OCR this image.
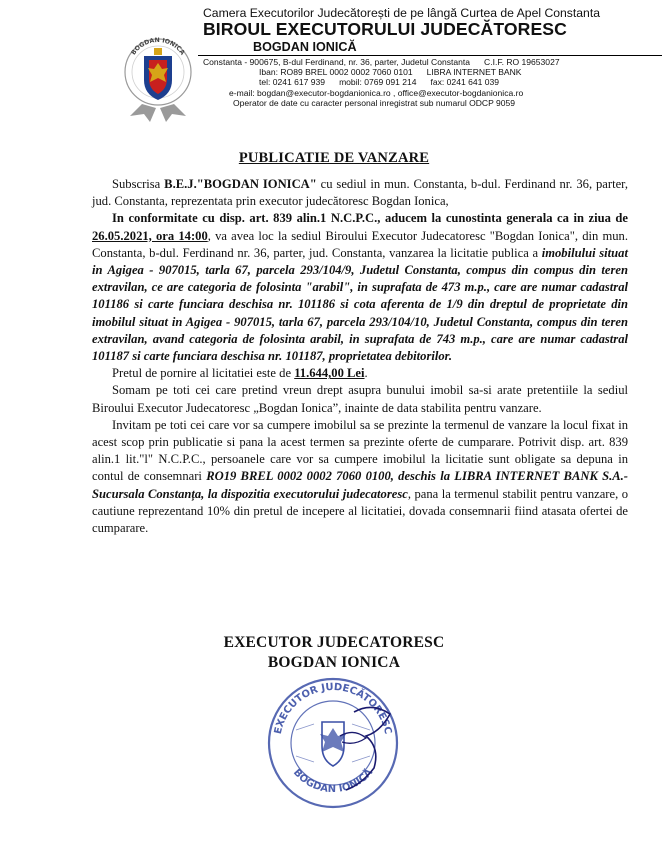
BOGDAN IONICA
Camera Executorilor Judecătorești de pe lângă Curtea de Apel Constanta
BIROUL EXECUTORULUI JUDECĂTORESC
BOGDAN IONICĂ
Constanta - 900675, B-dul Ferdinand, nr. 36, parter, Judetul Constanta C.I.F. RO 19653027
Iban: RO89 BREL 0002 0002 7060 0101 LIBRA INTERNET BANK
tel: 0241 617 939 mobil: 0769 091 214 fax: 0241 641 039
e-mail: bogdan@executor-bogdanionica.ro , office@executor-bogdanionica.ro
Operator de date cu caracter personal inregistrat sub numarul ODCP 9059
PUBLICATIE DE VANZARE

Subscrisa B.E.J."BOGDAN IONICA" cu sediul in mun. Constanta, b-dul. Ferdinand nr. 36, parter, jud. Constanta, reprezentata prin executor judecătoresc Bogdan Ionica,

In conformitate cu disp. art. 839 alin.1 N.C.P.C., aducem la cunostinta generala ca in ziua de 26.05.2021, ora 14:00, va avea loc la sediul Biroului Executor Judecatoresc "Bogdan Ionica", din mun. Constanta, b-dul. Ferdinand nr. 36, parter, jud. Constanta, vanzarea la licitatie publica a imobilului situat in Agigea - 907015, tarla 67, parcela 293/104/9, Judetul Constanta, compus din compus din teren extravilan, ce are categoria de folosinta "arabil", in suprafata de 473 m.p., care are numar cadastral 101186 si carte funciara deschisa nr. 101186 si cota aferenta de 1/9 din dreptul de proprietate din imobilul situat in Agigea - 907015, tarla 67, parcela 293/104/10, Judetul Constanta, compus din teren extravilan, avand categoria de folosinta arabil, in suprafata de 743 m.p., care are numar cadastral 101187 si carte funciara deschisa nr. 101187, proprietatea debitorilor.

Pretul de pornire al licitatiei este de 11.644,00 Lei.

Somam pe toti cei care pretind vreun drept asupra bunului imobil sa-si arate pretentiile la sediul Biroului Executor Judecatoresc „Bogdan Ionica”, inainte de data stabilita pentru vanzare.

Invitam pe toti cei care vor sa cumpere imobilul sa se prezinte la termenul de vanzare la locul fixat in acest scop prin publicatie si pana la acest termen sa prezinte oferte de cumparare. Potrivit disp. art. 839 alin.1 lit."l" N.C.P.C., persoanele care vor sa cumpere imobilul la licitatie sunt obligate sa depuna in contul de consemnari RO19 BREL 0002 0002 7060 0100, deschis la LIBRA INTERNET BANK S.A.-Sucursala Constanța, la dispozitia executorului judecatoresc, pana la termenul stabilit pentru vanzare, o cautiune reprezentand 10% din pretul de incepere al licitatiei, dovada consemnarii fiind atasata ofertei de cumparare.

EXECUTOR JUDECATORESC
BOGDAN IONICA
EXECUTOR JUDECĂTORESC
BOGDAN IONICĂ
